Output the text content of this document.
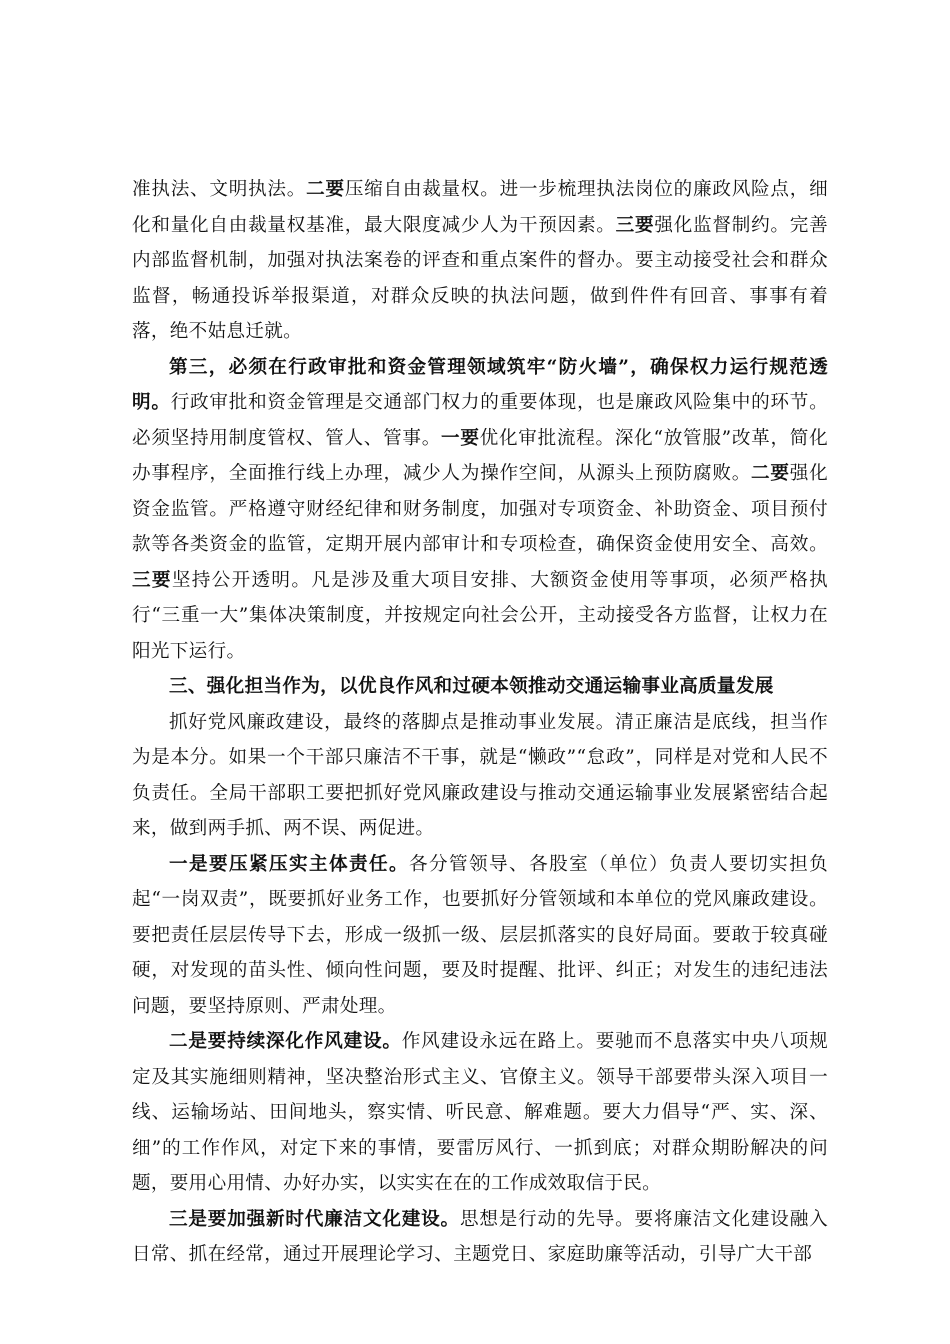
准执法、文明执法。二要压缩自由裁量权。进一步梳理执法岗位的廉政风险点，细化和量化自由裁量权基准，最大限度减少人为干预因素。三要强化监督制约。完善内部监督机制，加强对执法案卷的评查和重点案件的督办。要主动接受社会和群众监督，畅通投诉举报渠道，对群众反映的执法问题，做到件件有回音、事事有着落，绝不姑息迁就。

第三，必须在行政审批和资金管理领域筑牢“防火墙”，确保权力运行规范透明。行政审批和资金管理是交通部门权力的重要体现，也是廉政风险集中的环节。必须坚持用制度管权、管人、管事。一要优化审批流程。深化“放管服”改革，简化办事程序，全面推行线上办理，减少人为操作空间，从源头上预防腐败。二要强化资金监管。严格遵守财经纪律和财务制度，加强对专项资金、补助资金、项目预付款等各类资金的监管，定期开展内部审计和专项检查，确保资金使用安全、高效。三要坚持公开透明。凡是涉及重大项目安排、大额资金使用等事项，必须严格执行“三重一大”集体决策制度，并按规定向社会公开，主动接受各方监督，让权力在阳光下运行。

三、强化担当作为，以优良作风和过硬本领推动交通运输事业高质量发展

抓好党风廉政建设，最终的落脚点是推动事业发展。清正廉洁是底线，担当作为是本分。如果一个干部只廉洁不干事，就是“懒政”“怠政”，同样是对党和人民不负责任。全局干部职工要把抓好党风廉政建设与推动交通运输事业发展紧密结合起来，做到两手抓、两不误、两促进。

一是要压紧压实主体责任。各分管领导、各股室（单位）负责人要切实担负起“一岗双责”，既要抓好业务工作，也要抓好分管领域和本单位的党风廉政建设。要把责任层层传导下去，形成一级抓一级、层层抓落实的良好局面。要敢于较真碰硬，对发现的苗头性、倾向性问题，要及时提醒、批评、纠正；对发生的违纪违法问题，要坚持原则、严肃处理。

二是要持续深化作风建设。作风建设永远在路上。要驰而不息落实中央八项规定及其实施细则精神，坚决整治形式主义、官僚主义。领导干部要带头深入项目一线、运输场站、田间地头，察实情、听民意、解难题。要大力倡导“严、实、深、细”的工作作风，对定下来的事情，要雷厉风行、一抓到底；对群众期盼解决的问题，要用心用情、办好办实，以实实在在的工作成效取信于民。

三是要加强新时代廉洁文化建设。思想是行动的先导。要将廉洁文化建设融入日常、抓在经常，通过开展理论学习、主题党日、家庭助廉等活动，引导广大干部
